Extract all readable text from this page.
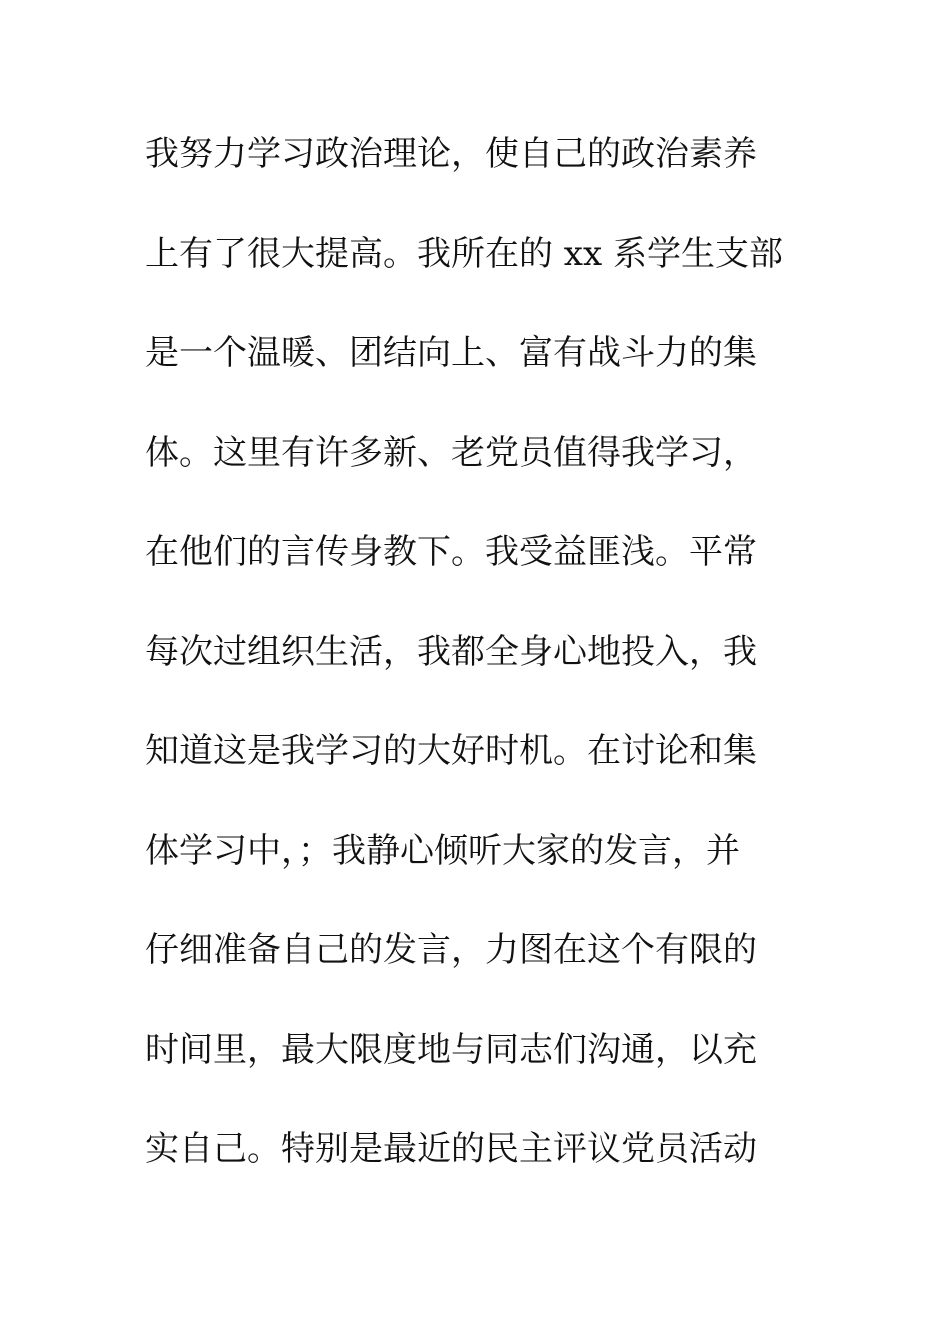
我努力学习政治理论，使自己的政治素养
上有了很大提高。我所在的 xx 系学生支部
是一个温暖、团结向上、富有战斗力的集
体。这里有许多新、老党员值得我学习，
在他们的言传身教下。我受益匪浅。平常
每次过组织生活，我都全身心地投入，我
知道这是我学习的大好时机。在讨论和集
体学习中，；我静心倾听大家的发言，并
仔细准备自己的发言，力图在这个有限的
时间里，最大限度地与同志们沟通，以充
实自己。特别是最近的民主评议党员活动
